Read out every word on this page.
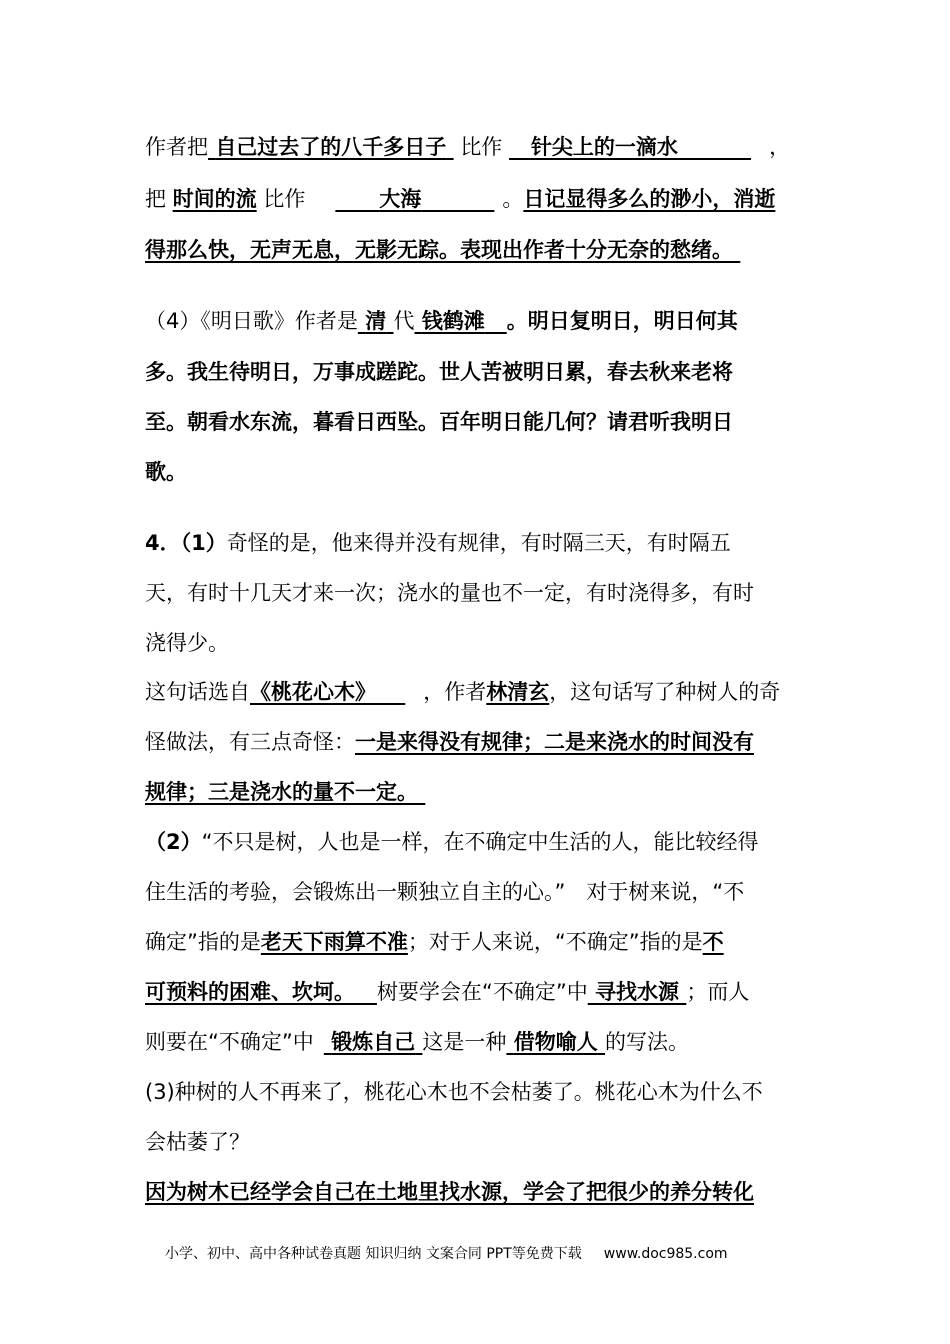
作者把 自己过去了的八千多日子 比作 针尖上的一滴水	，
把 时间的流 比作	大海	。日记显得多么的渺小，消逝
得那么快，无声无息，无影无踪。表现出作者十分无奈的愁绪。
（4）《明日歌》作者是 清 代 钱鹤滩 。明日复明日，明日何其
多。我生待明日，万事成蹉跎。世人苦被明日累，春去秋来老将
至。朝看水东流，暮看日西坠。百年明日能几何？请君听我明日
歌。
4．（1）奇怪的是，他来得并没有规律，有时隔三天，有时隔五
天，有时十几天才来一次；浇水的量也不一定，有时浇得多，有时
浇得少。
这句话选自《桃花心木》 ，作者林清玄，这句话写了种树人的奇
怪做法，有三点奇怪：一是来得没有规律；二是来浇水的时间没有
规律；三是浇水的量不一定。
（2）“不只是树，人也是一样，在不确定中生活的人，能比较经得
住生活的考验，会锻炼出一颗独立自主的心。”　对于树来说，“不
确定”指的是老天下雨算不准；对于人来说，“不确定”指的是不
可预料的困难、坎坷。 树要学会在“不确定”中 寻找水源 ；而人
则要在“不确定”中 锻炼自己 这是一种 借物喻人 的写法。
(3)种树的人不再来了，桃花心木也不会枯萎了。桃花心木为什么不
会枯萎了？
因为树木已经学会自己在土地里找水源，学会了把很少的养分转化
小学、初中、高中各种试卷真题 知识归纳 文案合同 PPT等免费下载 www.doc985.com
